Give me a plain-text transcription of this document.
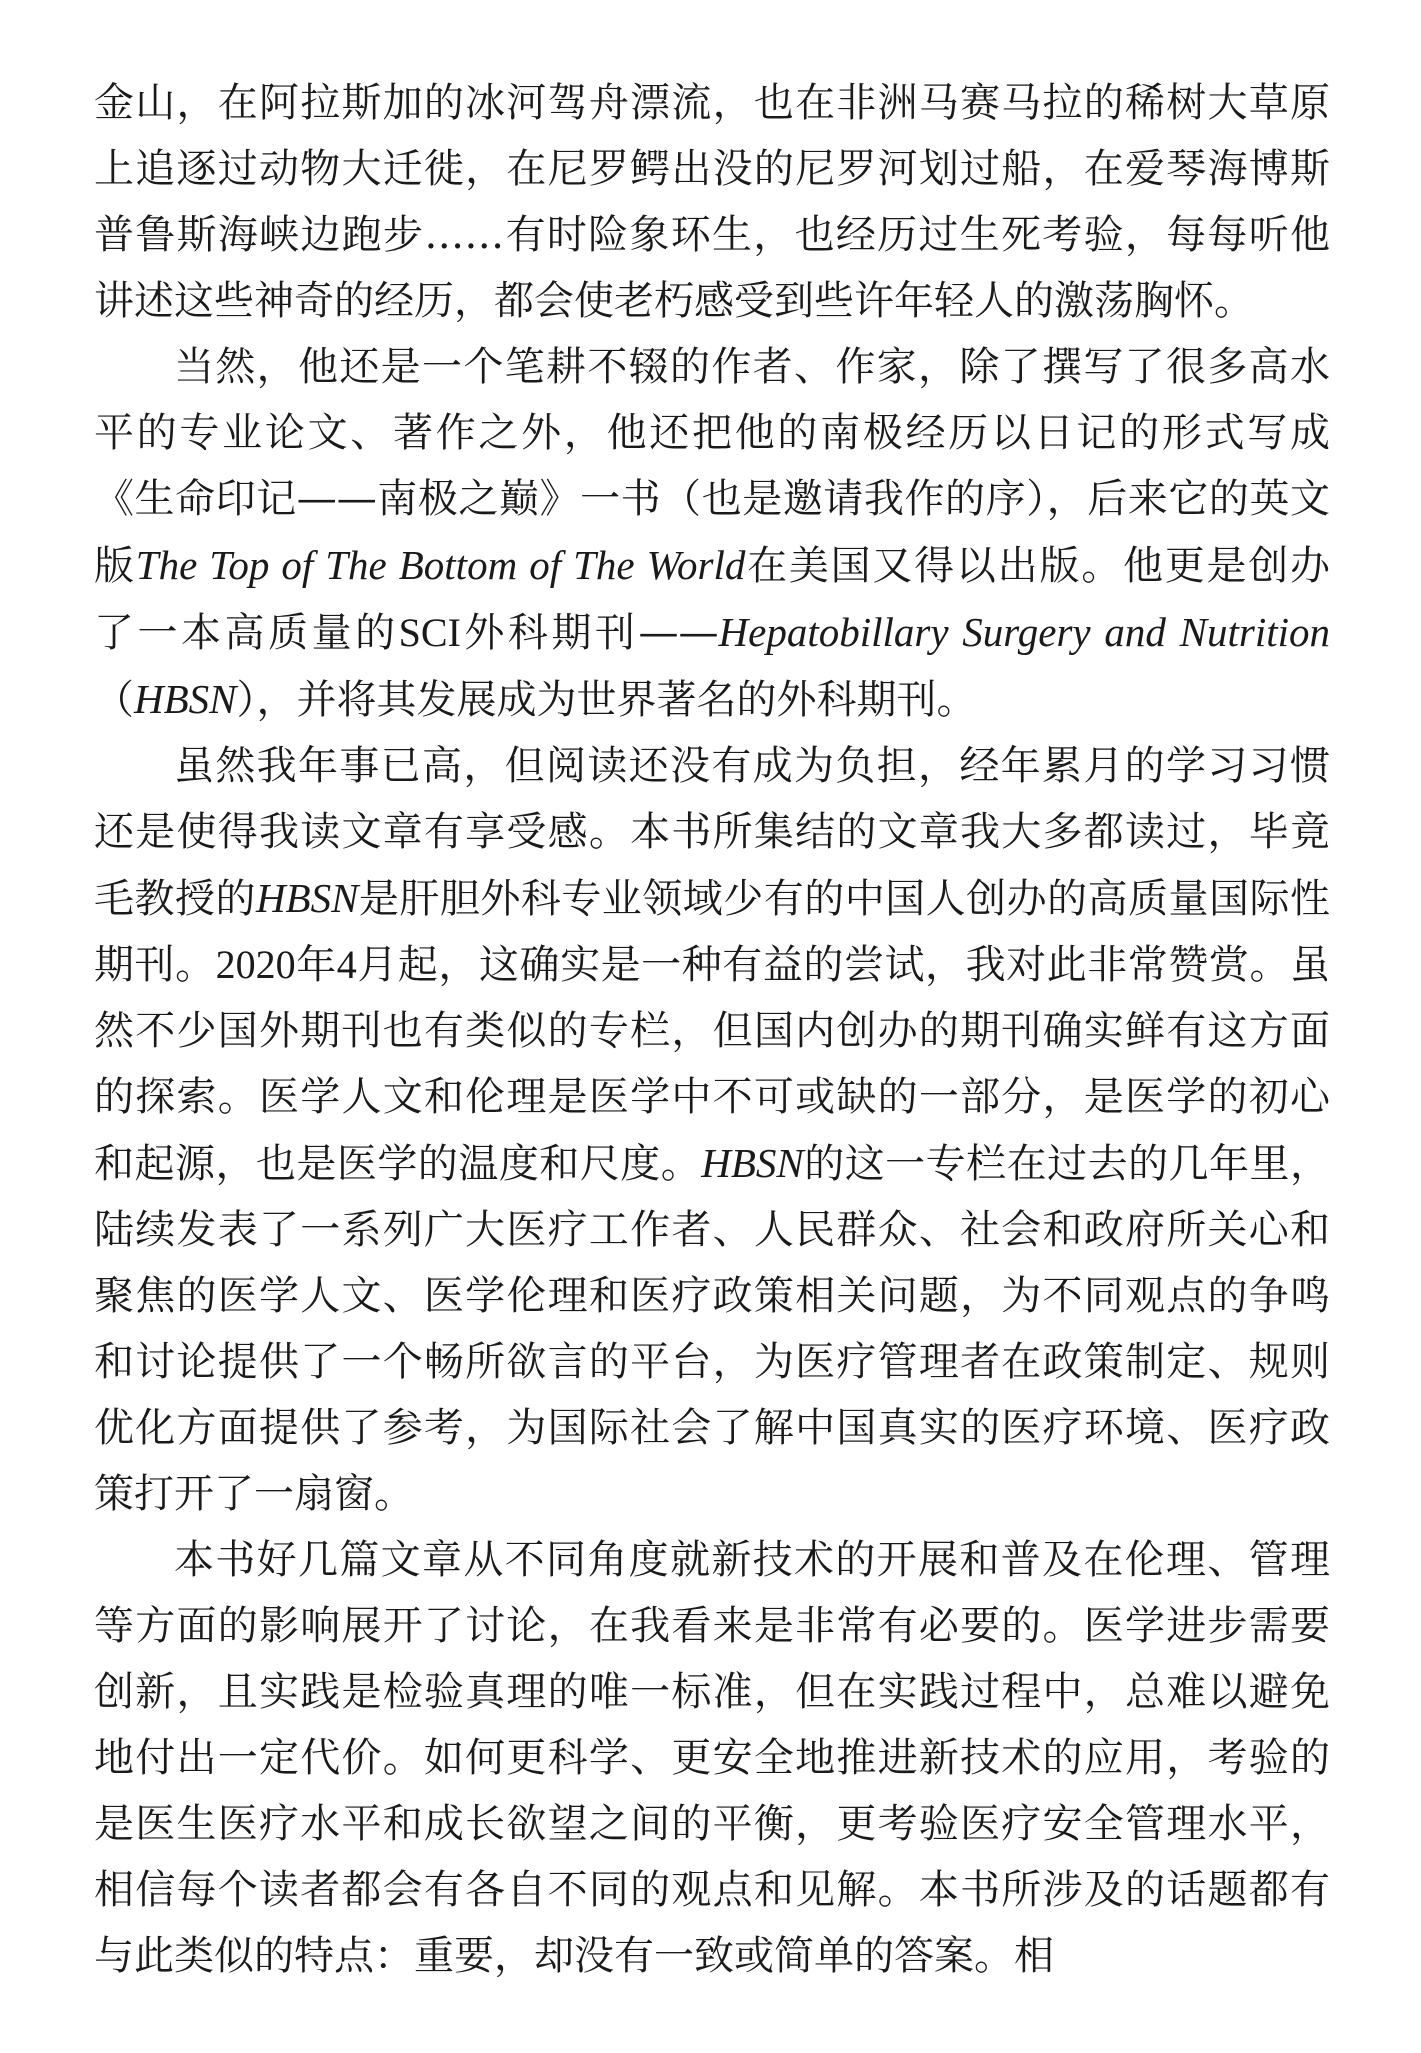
金山，在阿拉斯加的冰河驾舟漂流，也在非洲马赛马拉的稀树大草原上追逐过动物大迁徙，在尼罗鳄出没的尼罗河划过船，在爱琴海博斯普鲁斯海峡边跑步……有时险象环生，也经历过生死考验，每每听他讲述这些神奇的经历，都会使老朽感受到些许年轻人的激荡胸怀。

当然，他还是一个笔耕不辍的作者、作家，除了撰写了很多高水平的专业论文、著作之外，他还把他的南极经历以日记的形式写成《生命印记——南极之巅》一书（也是邀请我作的序），后来它的英文版The Top of The Bottom of The World在美国又得以出版。他更是创办了一本高质量的SCI外科期刊——Hepatobillary Surgery and Nutrition（HBSN），并将其发展成为世界著名的外科期刊。

虽然我年事已高，但阅读还没有成为负担，经年累月的学习习惯还是使得我读文章有享受感。本书所集结的文章我大多都读过，毕竟毛教授的HBSN是肝胆外科专业领域少有的中国人创办的高质量国际性期刊。2020年4月起，这确实是一种有益的尝试，我对此非常赞赏。虽然不少国外期刊也有类似的专栏，但国内创办的期刊确实鲜有这方面的探索。医学人文和伦理是医学中不可或缺的一部分，是医学的初心和起源，也是医学的温度和尺度。HBSN的这一专栏在过去的几年里，陆续发表了一系列广大医疗工作者、人民群众、社会和政府所关心和聚焦的医学人文、医学伦理和医疗政策相关问题，为不同观点的争鸣和讨论提供了一个畅所欲言的平台，为医疗管理者在政策制定、规则优化方面提供了参考，为国际社会了解中国真实的医疗环境、医疗政策打开了一扇窗。

本书好几篇文章从不同角度就新技术的开展和普及在伦理、管理等方面的影响展开了讨论，在我看来是非常有必要的。医学进步需要创新，且实践是检验真理的唯一标准，但在实践过程中，总难以避免地付出一定代价。如何更科学、更安全地推进新技术的应用，考验的是医生医疗水平和成长欲望之间的平衡，更考验医疗安全管理水平，相信每个读者都会有各自不同的观点和见解。本书所涉及的话题都有与此类似的特点：重要，却没有一致或简单的答案。相
